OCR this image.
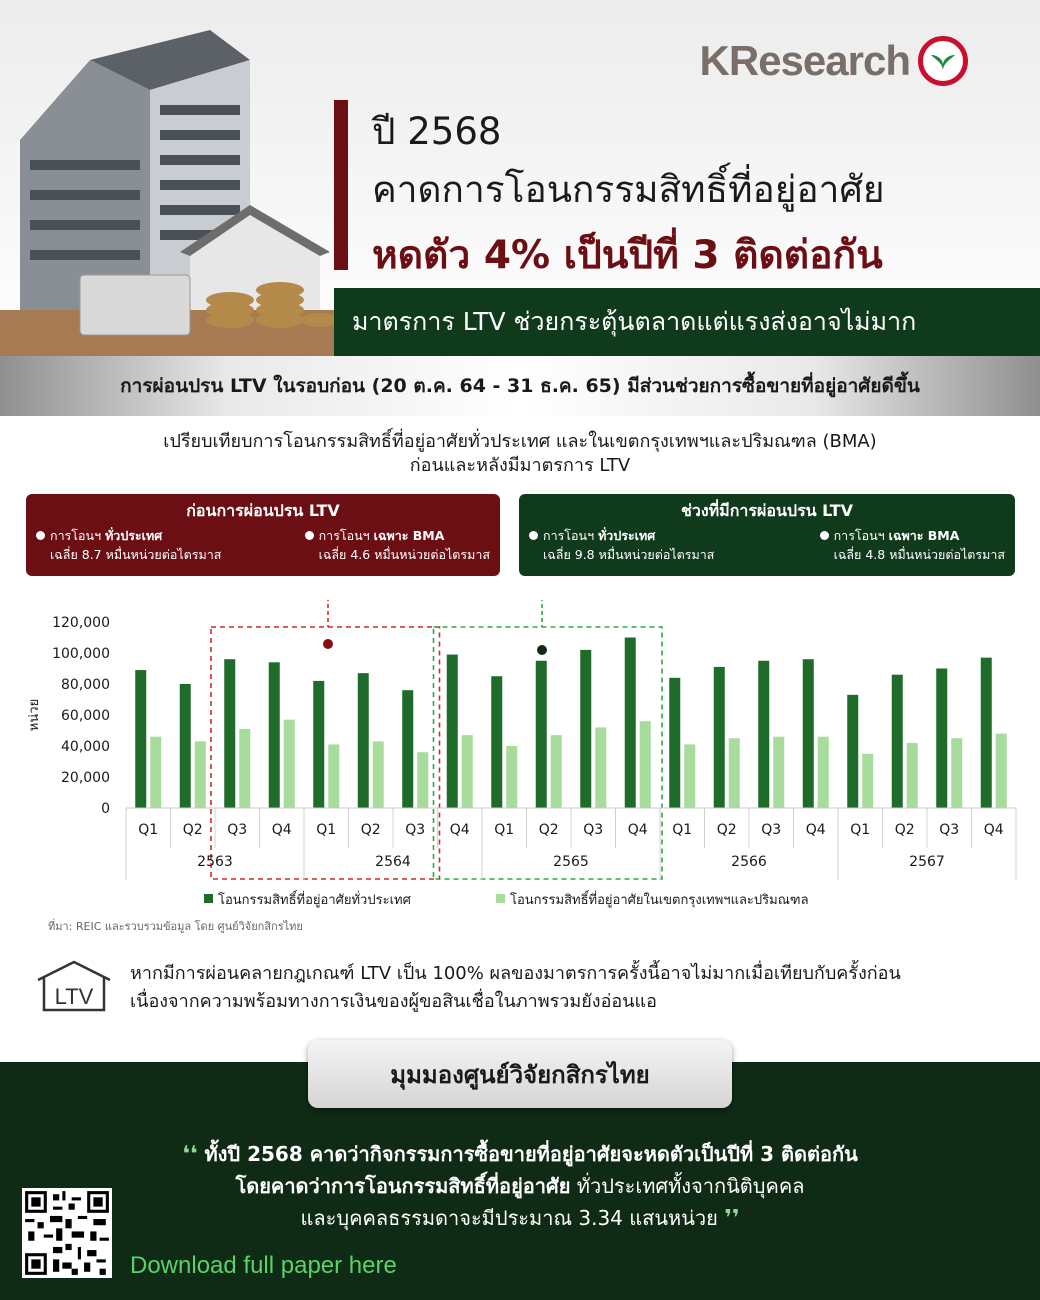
KResearch
ปี 2568
คาดการโอนกรรมสิทธิ์ที่อยู่อาศัย
หดตัว 4% เป็นปีที่ 3 ติดต่อกัน
มาตรการ LTV ช่วยกระตุ้นตลาดแต่แรงส่งอาจไม่มาก
การผ่อนปรน LTV ในรอบก่อน (20 ต.ค. 64 - 31 ธ.ค. 65) มีส่วนช่วยการซื้อขายที่อยู่อาศัยดีขึ้น
เปรียบเทียบการโอนกรรมสิทธิ์ที่อยู่อาศัยทั่วประเทศ และในเขตกรุงเทพฯและปริมณฑล (BMA)
ก่อนและหลังมีมาตรการ LTV
ก่อนการผ่อนปรน LTV
การโอนฯ ทั่วประเทศ
เฉลี่ย 8.7 หมื่นหน่วยต่อไตรมาส
การโอนฯ เฉพาะ BMA
เฉลี่ย 4.6 หมื่นหน่วยต่อไตรมาส
ช่วงที่มีการผ่อนปรน LTV
การโอนฯ ทั่วประเทศ
เฉลี่ย 9.8 หมื่นหน่วยต่อไตรมาส
การโอนฯ เฉพาะ BMA
เฉลี่ย 4.8 หมื่นหน่วยต่อไตรมาส
0
20,000
40,000
60,000
80,000
100,000
120,000
หน่วย
Q1 Q2 Q3 Q4 Q1 Q2 Q3 Q4 Q1 Q2 Q3 Q4 Q1 Q2 Q3 Q4 Q1 Q2 Q3 Q4
2563	2564	2565	2566	2567
โอนกรรมสิทธิ์ที่อยู่อาศัยทั่วประเทศ	โอนกรรมสิทธิ์ที่อยู่อาศัยในเขตกรุงเทพฯและปริมณฑล
ที่มา: REIC และรวบรวมข้อมูล โดย ศูนย์วิจัยกสิกรไทย
LTV
หากมีการผ่อนคลายกฎเกณฑ์ LTV เป็น 100% ผลของมาตรการครั้งนี้อาจไม่มากเมื่อเทียบกับครั้งก่อน
เนื่องจากความพร้อมทางการเงินของผู้ขอสินเชื่อในภาพรวมยังอ่อนแอ
มุมมองศูนย์วิจัยกสิกรไทย
❛❛ ทั้งปี 2568 คาดว่ากิจกรรมการซื้อขายที่อยู่อาศัยจะหดตัวเป็นปีที่ 3 ติดต่อกัน
โดยคาดว่าการโอนกรรมสิทธิ์ที่อยู่อาศัย ทั่วประเทศทั้งจากนิติบุคคล
และบุคคลธรรมดาจะมีประมาณ 3.34 แสนหน่วย ❜❜
Download full paper here
